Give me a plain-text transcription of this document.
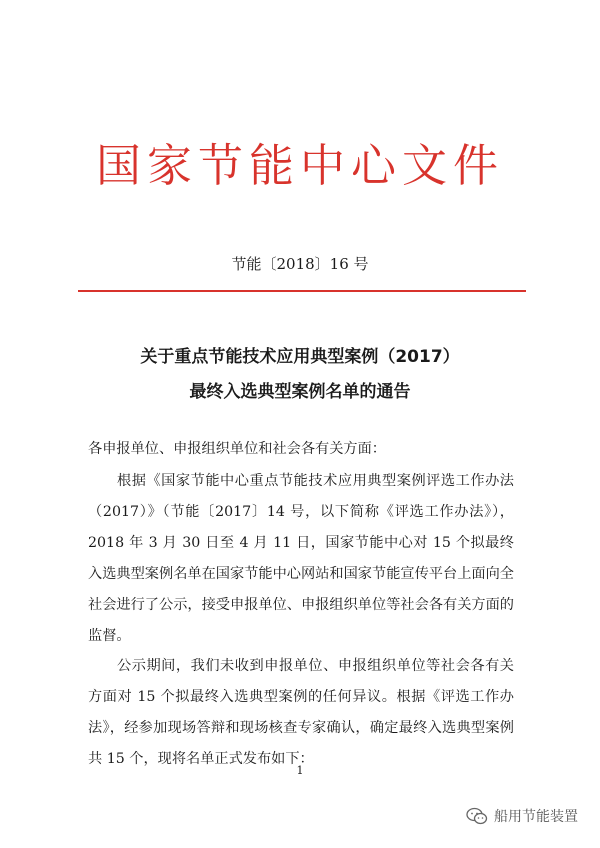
国家节能中心文件
节能〔2018〕16 号
关于重点节能技术应用典型案例（2017）
最终入选典型案例名单的通告
各申报单位、申报组织单位和社会各有关方面：
根据《国家节能中心重点节能技术应用典型案例评选工作办法（2017）》（节能〔2017〕14 号，以下简称《评选工作办法》），2018 年 3 月 30 日至 4 月 11 日，国家节能中心对 15 个拟最终入选典型案例名单在国家节能中心网站和国家节能宣传平台上面向全社会进行了公示，接受申报单位、申报组织单位等社会各有关方面的监督。
公示期间，我们未收到申报单位、申报组织单位等社会各有关方面对 15 个拟最终入选典型案例的任何异议。根据《评选工作办法》，经参加现场答辩和现场核查专家确认，确定最终入选典型案例共 15 个，现将名单正式发布如下：
1
船用节能装置
